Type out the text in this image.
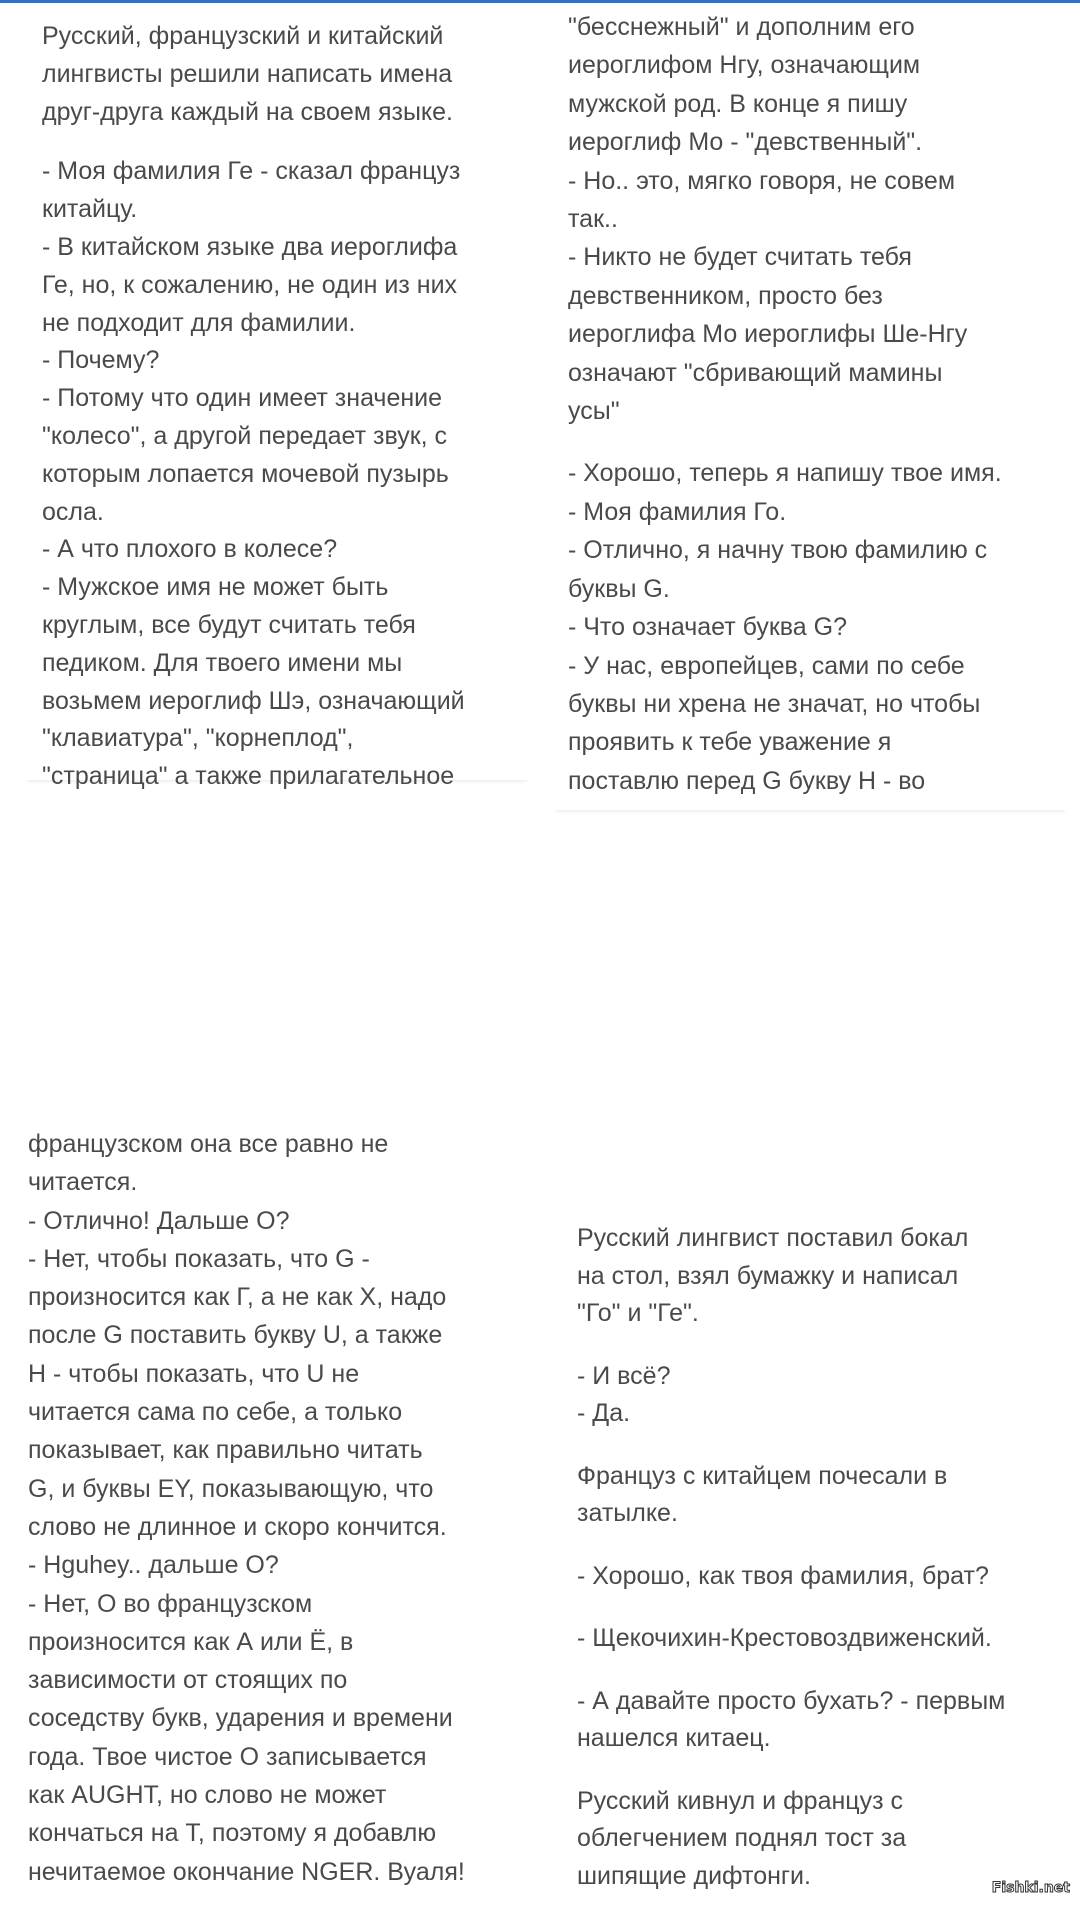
Русский, французский и китайский
лингвисты решили написать имена
друг-друга каждый на своем языке.

- Моя фамилия Ге - сказал француз
китайцу.
- В китайском языке два иероглифа
Ге, но, к сожалению, не один из них
не подходит для фамилии.
- Почему?
- Потому что один имеет значение
"колесо", а другой передает звук, с
которым лопается мочевой пузырь
осла.
- А что плохого в колесе?
- Мужское имя не может быть
круглым, все будут считать тебя
педиком. Для твоего имени мы
возьмем иероглиф Шэ, означающий
"клавиатура", "корнеплод",
"страница" а также прилагательное

"бесснежный" и дополним его
иероглифом Нгу, означающим
мужской род. В конце я пишу
иероглиф Мо - "девственный".
- Но.. это, мягко говоря, не совем
так..
- Никто не будет считать тебя
девственником, просто без
иероглифа Мо иероглифы Ше-Нгу
означают "сбривающий мамины
усы"

- Хорошо, теперь я напишу твое имя.
- Моя фамилия Го.
- Отлично, я начну твою фамилию с
буквы G.
- Что означает буква G?
- У нас, европейцев, сами по себе
буквы ни хрена не значат, но чтобы
проявить к тебе уважение я
поставлю перед G букву H - во

французском она все равно не
читается.
- Отлично! Дальше О?
- Нет, чтобы показать, что G -
произносится как Г, а не как Х, надо
после G поставить букву U, а также
H - чтобы показать, что U не
читается сама по себе, а только
показывает, как правильно читать
G, и буквы EY, показывающую, что
слово не длинное и скоро кончится.
- Hguhey.. дальше О?
- Нет, О во французском
произносится как А или Ё, в
зависимости от стоящих по
соседству букв, ударения и времени
года. Твое чистое О записывается
как AUGHT, но слово не может
кончаться на Т, поэтому я добавлю
нечитаемое окончание NGER. Вуаля!

Русский лингвист поставил бокал
на стол, взял бумажку и написал
"Го" и "Ге".

- И всё?
- Да.

Француз с китайцем почесали в
затылке.

- Хорошо, как твоя фамилия, брат?

- Щекочихин-Крестовоздвиженский.

- А давайте просто бухать? - первым
нашелся китаец.

Русский кивнул и француз с
облегчением поднял тост за
шипящие дифтонги.	Fishki.net
